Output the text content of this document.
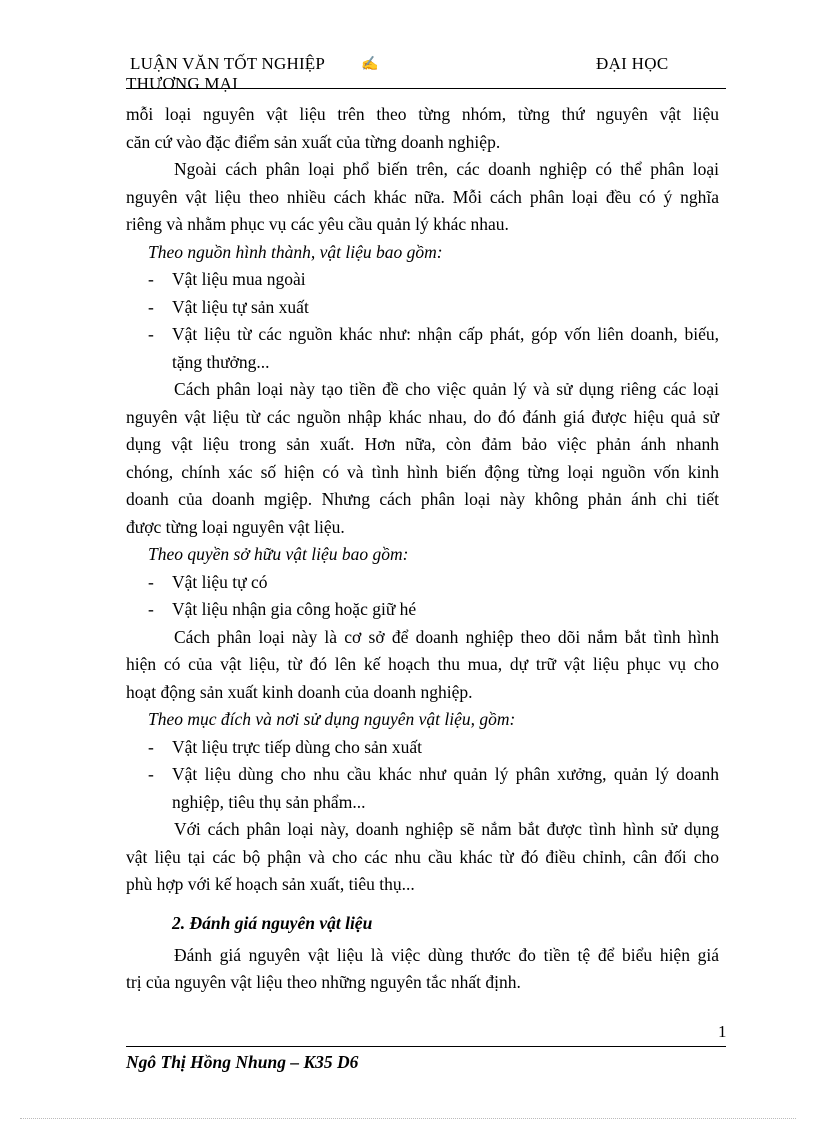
LUẬN VĂN TỐT NGHIỆP	✍	ĐẠI HỌC
THƯƠNG MẠI
mỗi loại nguyên vật liệu trên theo từng nhóm, từng thứ nguyên vật liệu
căn cứ vào đặc điểm sản xuất của từng doanh nghiệp.
Ngoài cách phân loại phổ biến trên, các doanh nghiệp có thể phân loại
nguyên vật liệu theo nhiều cách khác nữa. Mỗi cách phân loại đều có ý nghĩa
riêng và nhằm phục vụ các yêu cầu quản lý khác nhau.
Theo nguồn hình thành, vật liệu bao gồm:
- Vật liệu mua ngoài
- Vật liệu tự sản xuất
- Vật liệu từ các nguồn khác như: nhận cấp phát, góp vốn liên doanh, biếu,
tặng thưởng...
Cách phân loại này tạo tiền đề cho việc quản lý và sử dụng riêng các loại
nguyên vật liệu từ các nguồn nhập khác nhau, do đó đánh giá được hiệu quả sử
dụng vật liệu trong sản xuất. Hơn nữa, còn đảm bảo việc phản ánh nhanh
chóng, chính xác số hiện có và tình hình biến động từng loại nguồn vốn kinh
doanh của doanh mgiệp. Nhưng cách phân loại này không phản ánh chi tiết
được từng loại nguyên vật liệu.
Theo quyền sở hữu vật liệu bao gồm:
- Vật liệu tự có
- Vật liệu nhận gia công hoặc giữ hé
Cách phân loại này là cơ sở để doanh nghiệp theo dõi nắm bắt tình hình
hiện có của vật liệu, từ đó lên kế hoạch thu mua, dự trữ vật liệu phục vụ cho
hoạt động sản xuất kinh doanh của doanh nghiệp.
Theo mục đích và nơi sử dụng nguyên vật liệu, gồm:
- Vật liệu trực tiếp dùng cho sản xuất
- Vật liệu dùng cho nhu cầu khác như quản lý phân xưởng, quản lý doanh
nghiệp, tiêu thụ sản phẩm...
Với cách phân loại này, doanh nghiệp sẽ nắm bắt được tình hình sử dụng
vật liệu tại các bộ phận và cho các nhu cầu khác từ đó điều chỉnh, cân đối cho
phù hợp với kế hoạch sản xuất, tiêu thụ...
2. Đánh giá nguyên vật liệu
Đánh giá nguyên vật liệu là việc dùng thước đo tiền tệ để biểu hiện giá
trị của nguyên vật liệu theo những nguyên tắc nhất định.
1
Ngô Thị Hồng Nhung – K35 D6
